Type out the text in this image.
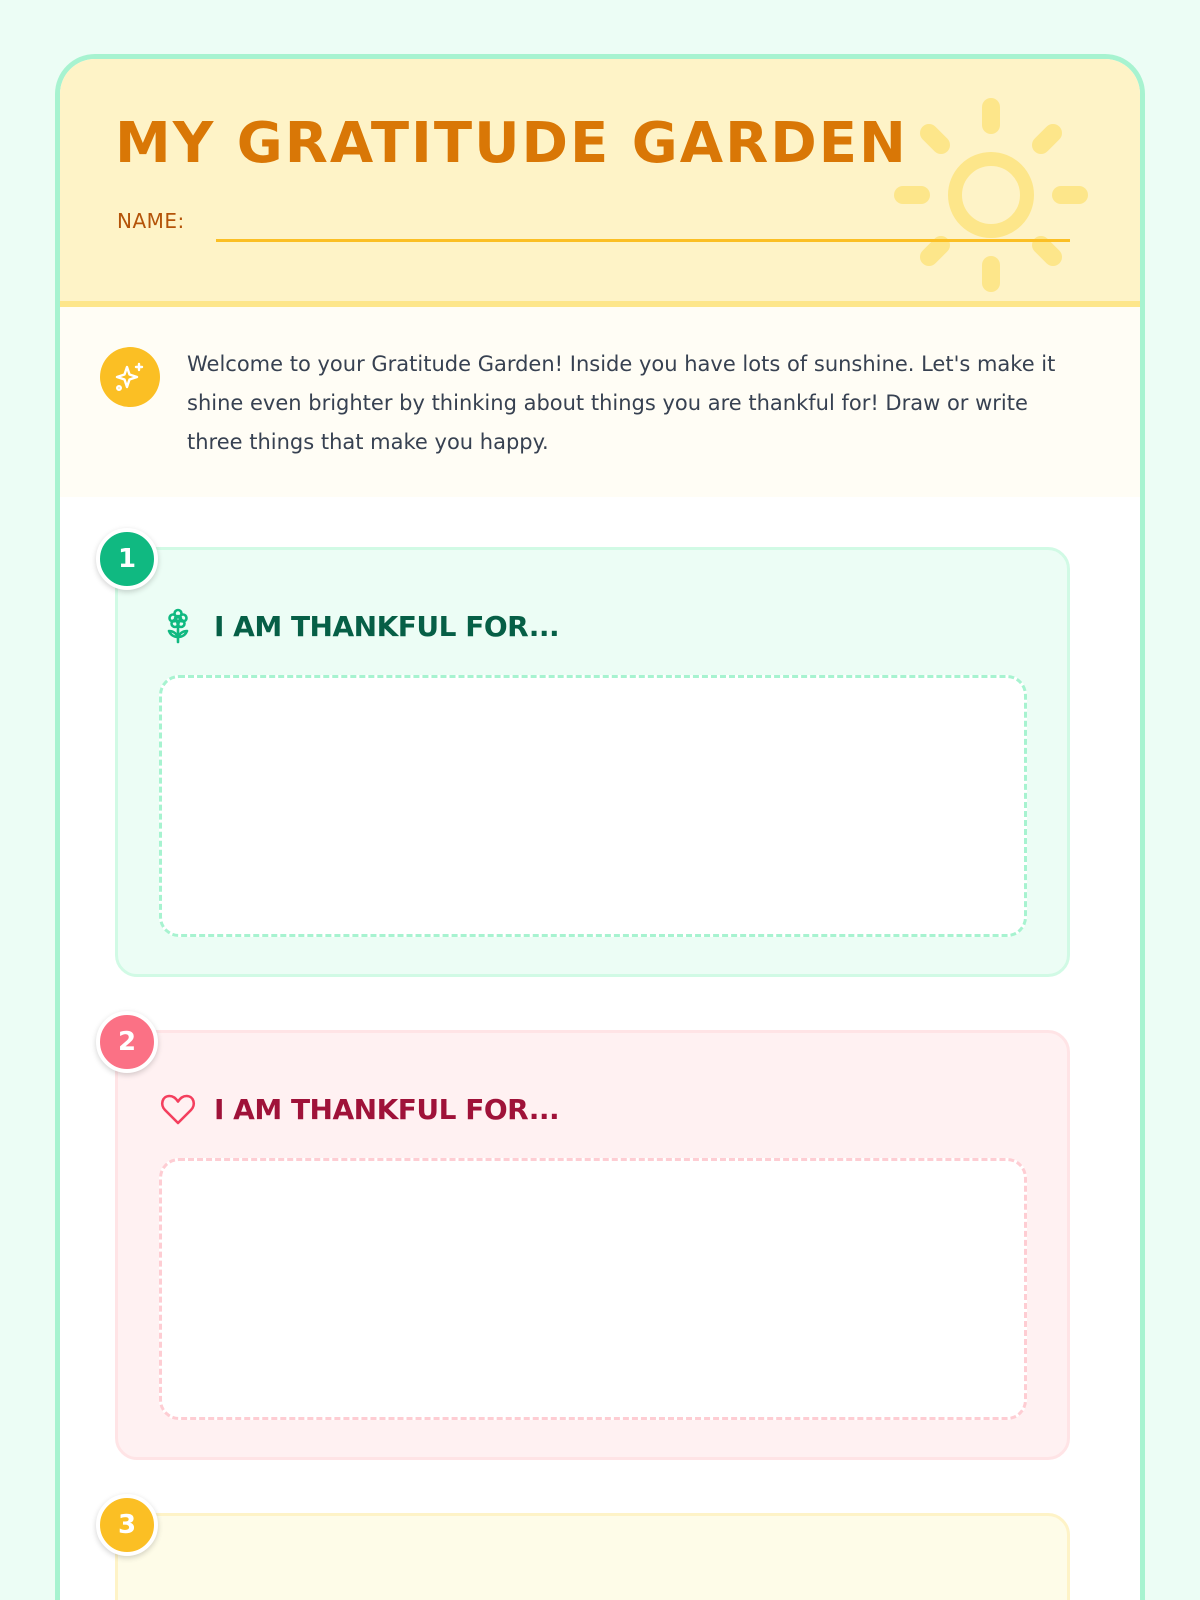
MY GRATITUDE GARDEN
NAME:
Welcome to your Gratitude Garden! Inside you have lots of sunshine. Let's make it shine even brighter by thinking about things you are thankful for! Draw or write three things that make you happy.
1
I AM THANKFUL FOR...
2
I AM THANKFUL FOR...
3
